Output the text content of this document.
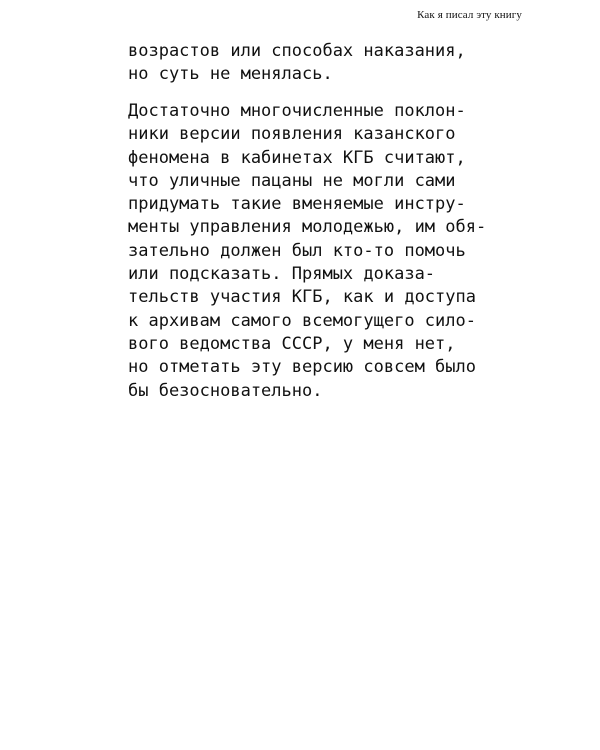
Как я писал эту книгу
возрастов или способах наказания,
но суть не менялась.
Достаточно многочисленные поклон-
ники версии появления казанского
феномена в кабинетах КГБ считают,
что уличные пацаны не могли сами
придумать такие вменяемые инстру-
менты управления молодежью, им обя-
зательно должен был кто-то помочь
или подсказать. Прямых доказа-
тельств участия КГБ, как и доступа
к архивам самого всемогущего сило-
вого ведомства СССР, у меня нет,
но отметать эту версию совсем было
бы безосновательно.
